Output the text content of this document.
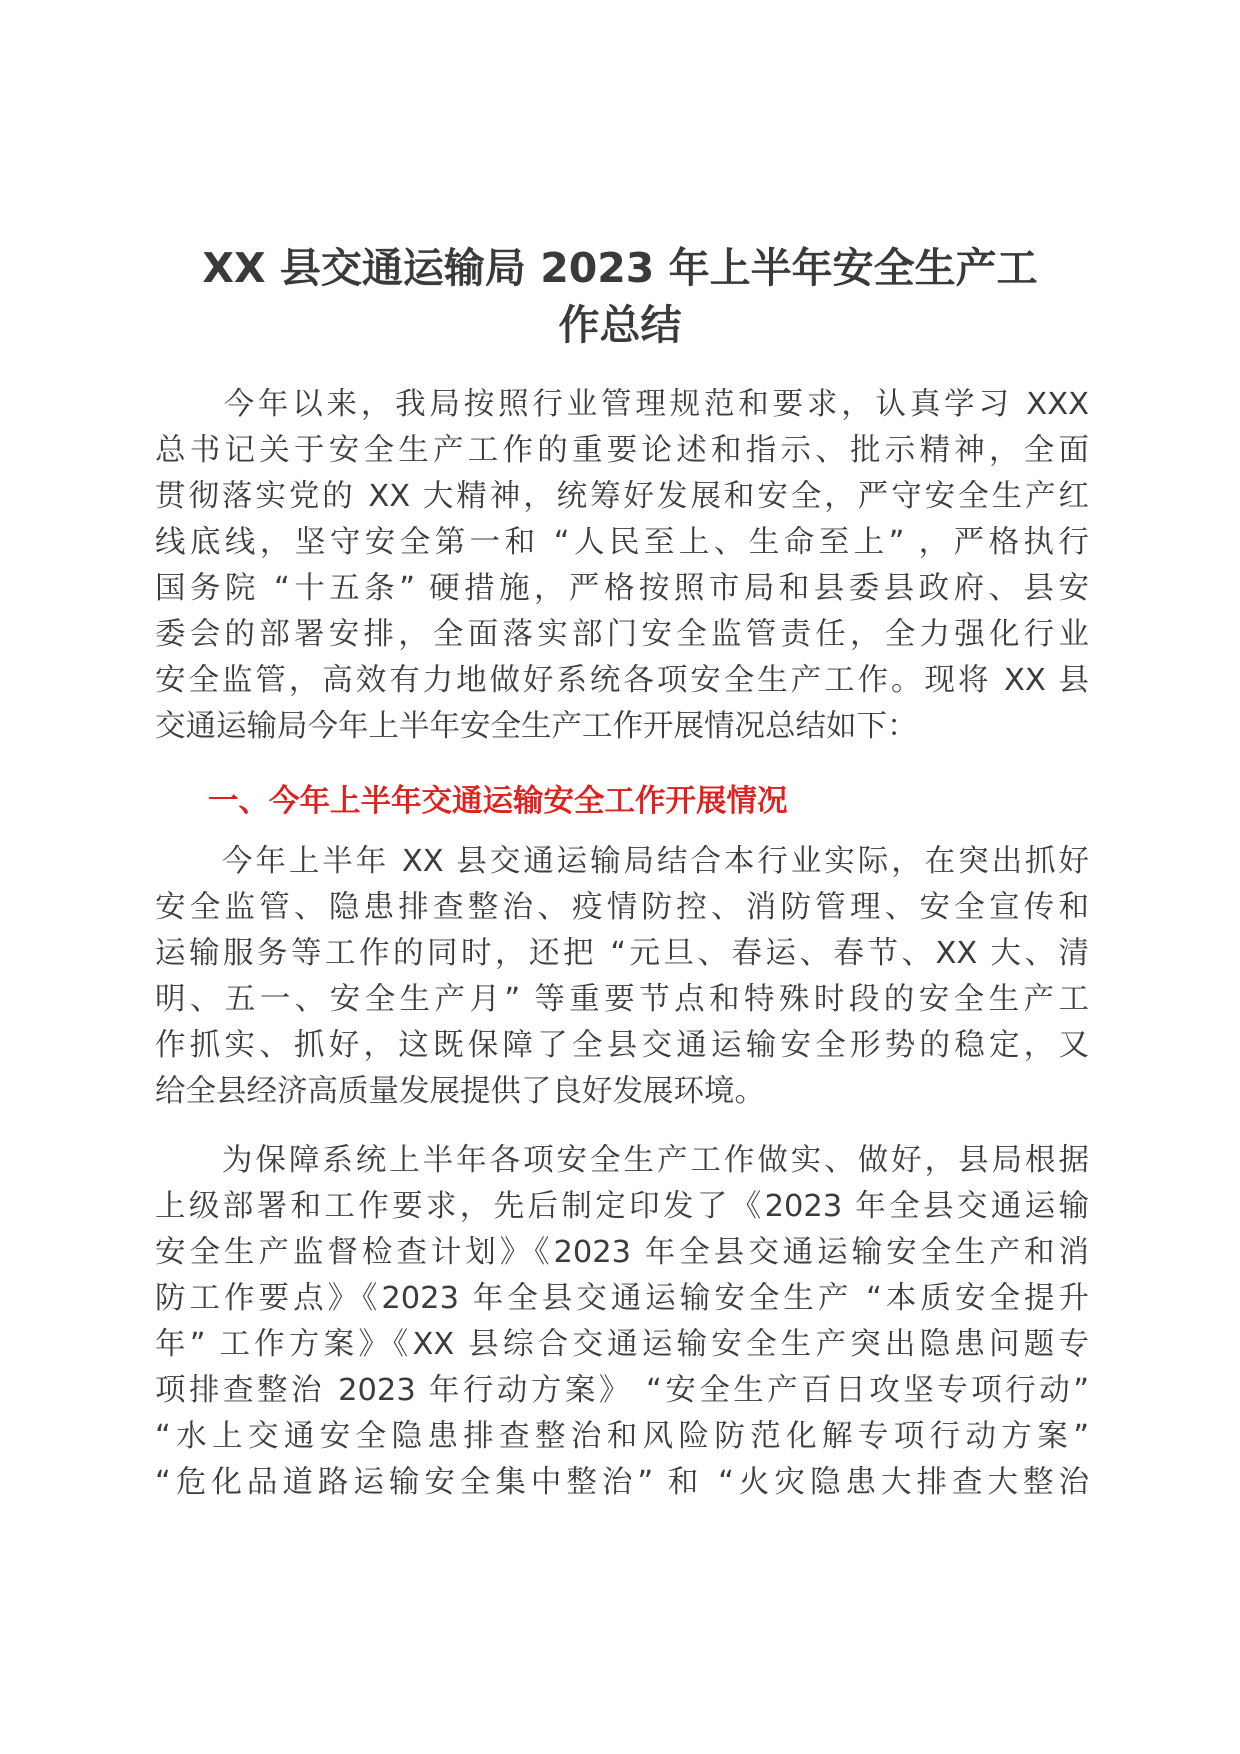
XX 县交通运输局 2023 年上半年安全生产工
作总结
　　今年以来，我局按照行业管理规范和要求，认真学习 XXX
总书记关于安全生产工作的重要论述和指示、批示精神，全面
贯彻落实党的 XX 大精神，统筹好发展和安全，严守安全生产红
线底线，坚守安全第一和 “人民至上、生命至上” ，严格执行
国务院 “十五条” 硬措施，严格按照市局和县委县政府、县安
委会的部署安排，全面落实部门安全监管责任，全力强化行业
安全监管，高效有力地做好系统各项安全生产工作。现将 XX 县
交通运输局今年上半年安全生产工作开展情况总结如下：
一、今年上半年交通运输安全工作开展情况
　　今年上半年 XX 县交通运输局结合本行业实际，在突出抓好
安全监管、隐患排查整治、疫情防控、消防管理、安全宣传和
运输服务等工作的同时，还把 “元旦、春运、春节、XX 大、清
明、五一、安全生产月” 等重要节点和特殊时段的安全生产工
作抓实、抓好，这既保障了全县交通运输安全形势的稳定，又
给全县经济高质量发展提供了良好发展环境。
　　为保障系统上半年各项安全生产工作做实、做好，县局根据
上级部署和工作要求，先后制定印发了《2023 年全县交通运输
安全生产监督检查计划》《2023 年全县交通运输安全生产和消
防工作要点》《2023 年全县交通运输安全生产 “本质安全提升
年” 工作方案》《XX 县综合交通运输安全生产突出隐患问题专
项排查整治 2023 年行动方案》 “安全生产百日攻坚专项行动”
“水上交通安全隐患排查整治和风险防范化解专项行动方案”
“危化品道路运输安全集中整治” 和 “火灾隐患大排查大整治
